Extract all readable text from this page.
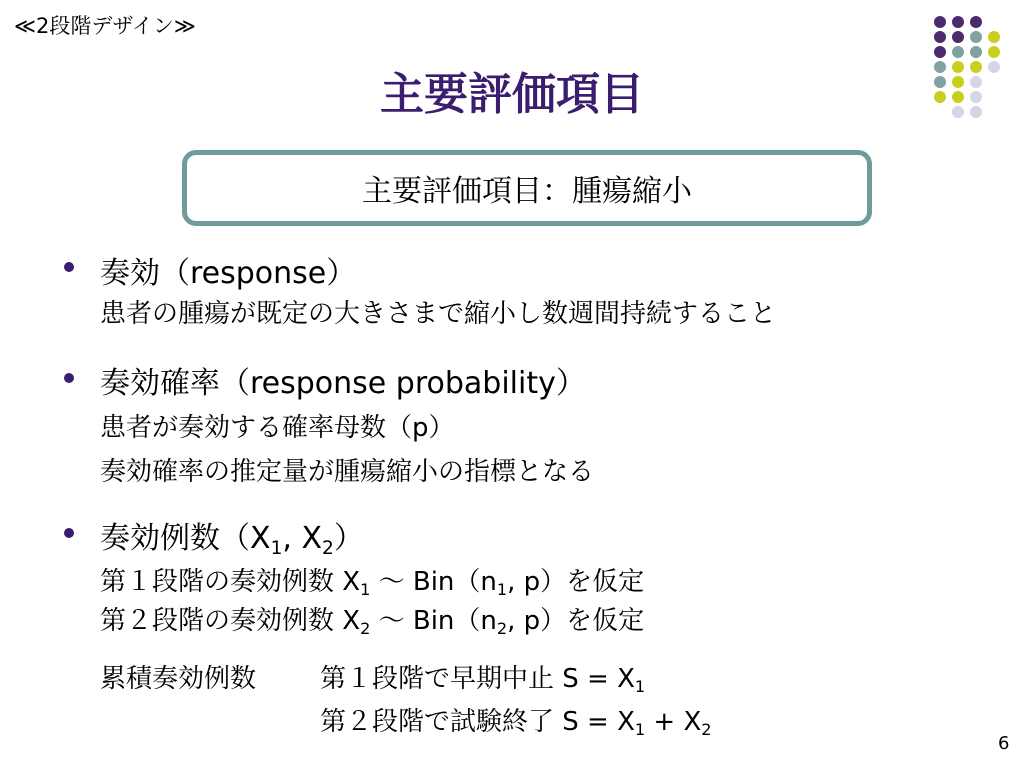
≪2段階デザイン≫
主要評価項目
主要評価項目：腫瘍縮小
奏効（response）
患者の腫瘍が既定の大きさまで縮小し数週間持続すること
奏効確率（response probability）
患者が奏効する確率母数（p）
奏効確率の推定量が腫瘍縮小の指標となる
奏効例数（$X_1$, $X_2$）
第１段階の奏効例数 $X_1$ ～ $Bin(n_1$, p）を仮定
第２段階の奏効例数 $X_2$ ～ $Bin(n_2$, p）を仮定
累積奏効例数 第１段階で早期中止 $S = X_1$
第２段階で試験終了 $S = X_1 + X_2$
6
